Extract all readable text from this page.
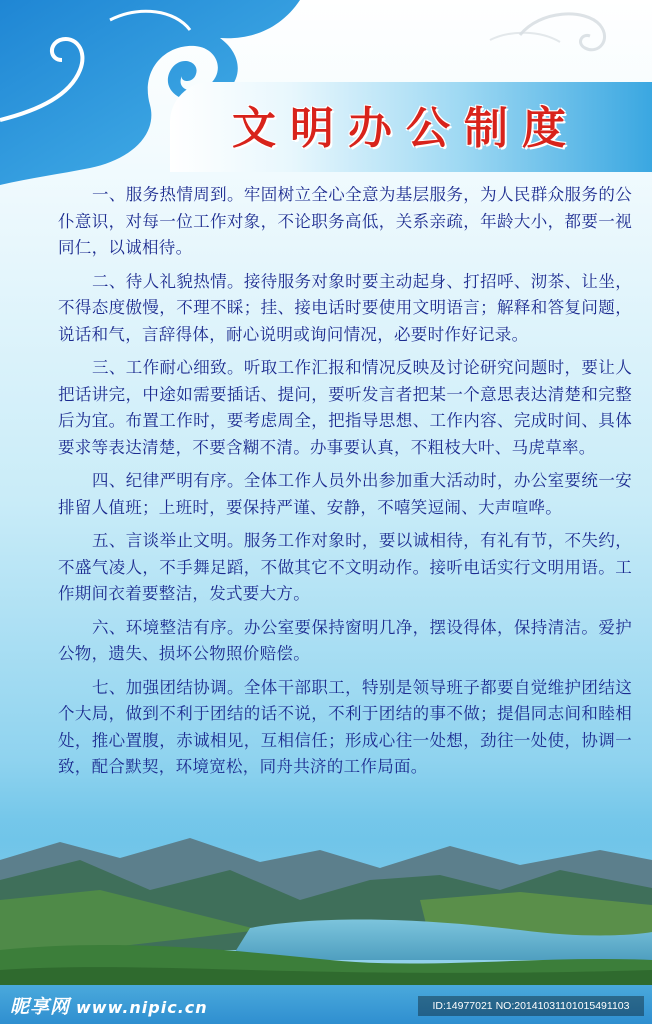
文明办公制度

一、服务热情周到。牢固树立全心全意为基层服务，为人民群众服务的公仆意识，对每一位工作对象，不论职务高低，关系亲疏，年龄大小，都要一视同仁，以诚相待。

二、待人礼貌热情。接待服务对象时要主动起身、打招呼、沏茶、让坐，不得态度傲慢，不理不睬；挂、接电话时要使用文明语言；解释和答复问题，说话和气，言辞得体，耐心说明或询问情况，必要时作好记录。

三、工作耐心细致。听取工作汇报和情况反映及讨论研究问题时，要让人把话讲完，中途如需要插话、提问，要听发言者把某一个意思表达清楚和完整后为宜。布置工作时，要考虑周全，把指导思想、工作内容、完成时间、具体要求等表达清楚，不要含糊不清。办事要认真，不粗枝大叶、马虎草率。

四、纪律严明有序。全体工作人员外出参加重大活动时，办公室要统一安排留人值班；上班时，要保持严谨、安静，不嘻笑逗闹、大声喧哗。

五、言谈举止文明。服务工作对象时，要以诚相待，有礼有节，不失约，不盛气凌人，不手舞足蹈，不做其它不文明动作。接听电话实行文明用语。工作期间衣着要整洁，发式要大方。

六、环境整洁有序。办公室要保持窗明几净，摆设得体，保持清洁。爱护公物，遗失、损坏公物照价赔偿。

七、加强团结协调。全体干部职工，特别是领导班子都要自觉维护团结这个大局，做到不利于团结的话不说，不利于团结的事不做；提倡同志间和睦相处，推心置腹，赤诚相见，互相信任；形成心往一处想，劲往一处使，协调一致，配合默契，环境宽松，同舟共济的工作局面。

昵享网 www.nipic.cn	ID:14977021 NO:20141031101015491103
